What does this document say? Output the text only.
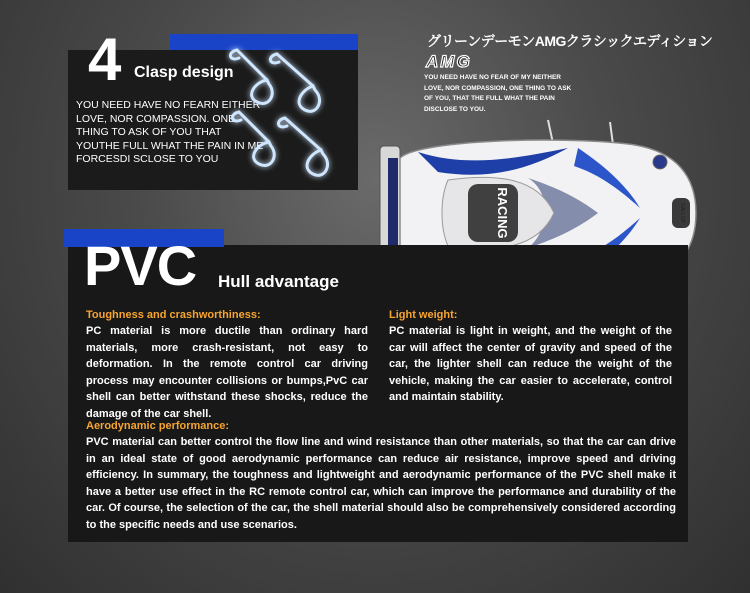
4 Clasp design
YOU NEED HAVE NO FEARN EITHER LOVE, NOR COMPASSION. ONE THING TO ASK OF YOU THAT YOUTHE FULL WHAT THE PAIN IN ME FORCESDI SCLOSE TO YOU
グリーンデーモンAMGクラシックエディション
AMG
YOU NEED HAVE NO FEAR OF MY NEITHER LOVE, NOR COMPASSION, ONE THING TO ASK OF YOU, THAT THE FULL WHAT THE PAIN DISCLOSE TO YOU.
RACING	GALLOP
PVC Hull advantage
Toughness and crashworthiness:
PC material is more ductile than ordinary hard materials, more crash-resistant, not easy to deformation. In the remote control car driving process may encounter collisions or bumps,PvC car shell can better withstand these shocks, reduce the damage of the car shell.
Light weight:
PC material is light in weight, and the weight of the car will affect the center of gravity and speed of the car, the lighter shell can reduce the weight of the vehicle, making the car easier to accelerate, control and maintain stability.
Aerodynamic performance:
PVC material can better control the flow line and wind resistance than other materials, so that the car can drive in an ideal state of good aerodynamic performance can reduce air resistance, improve speed and driving efficiency. In summary, the toughness and lightweight and aerodynamic performance of the PVC shell make it have a better use effect in the RC remote control car, which can improve the performance and durability of the car. Of course, the selection of the car, the shell material should also be comprehensively considered according to the specific needs and use scenarios.
